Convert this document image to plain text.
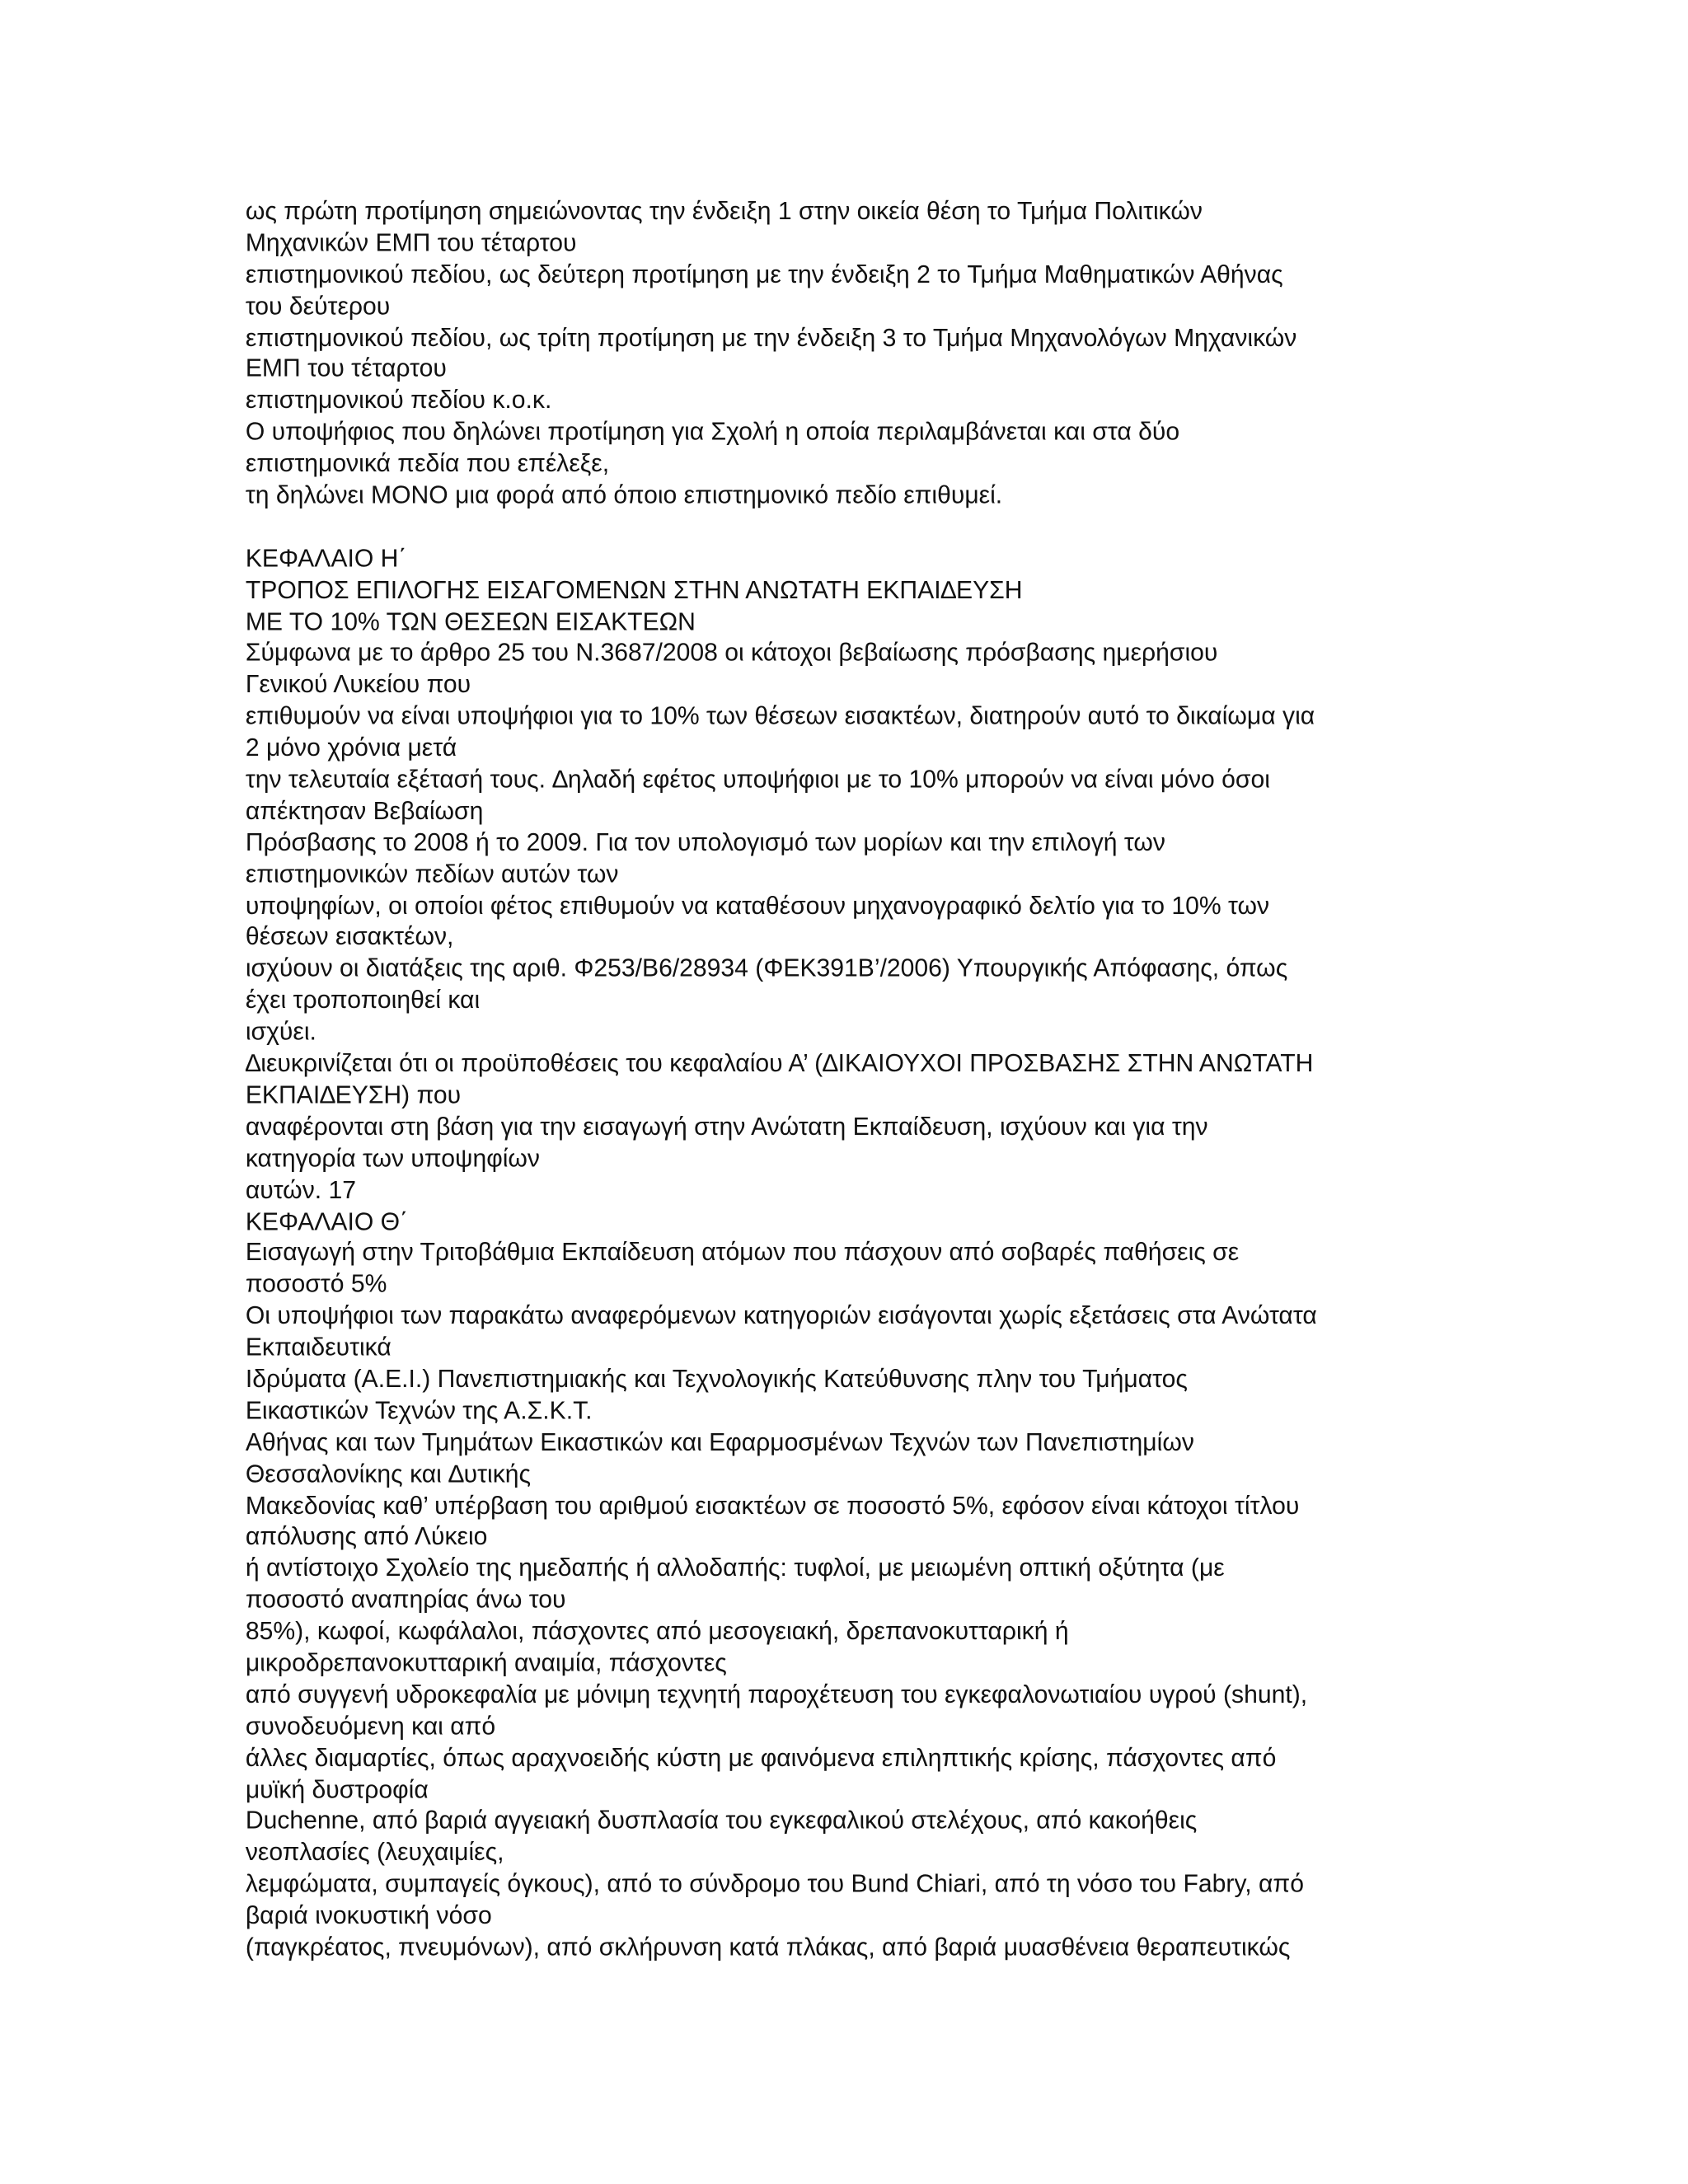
ως πρώτη προτίμηση σημειώνοντας την ένδειξη 1 στην οικεία θέση το Τμήμα Πολιτικών
Μηχανικών ΕΜΠ του τέταρτου
επιστημονικού πεδίου, ως δεύτερη προτίμηση με την ένδειξη 2 το Τμήμα Μαθηματικών Αθήνας
του δεύτερου
επιστημονικού πεδίου, ως τρίτη προτίμηση με την ένδειξη 3 το Τμήμα Μηχανολόγων Μηχανικών
ΕΜΠ του τέταρτου
επιστημονικού πεδίου κ.ο.κ.
Ο υποψήφιος που δηλώνει προτίμηση για Σχολή η οποία περιλαμβάνεται και στα δύο
επιστημονικά πεδία που επέλεξε,
τη δηλώνει ΜΟΝΟ μια φορά από όποιο επιστημονικό πεδίο επιθυμεί.
ΚΕΦΑΛΑΙΟ Η΄
ΤΡΟΠΟΣ ΕΠΙΛΟΓΗΣ ΕΙΣΑΓΟΜΕΝΩΝ ΣΤΗΝ ΑΝΩΤΑΤΗ ΕΚΠΑΙ∆ΕΥΣΗ
ΜΕ ΤΟ 10% ΤΩΝ ΘΕΣΕΩΝ ΕΙΣΑΚΤΕΩΝ
Σύμφωνα με το άρθρο 25 του Ν.3687/2008 οι κάτοχοι βεβαίωσης πρόσβασης ημερήσιου
Γενικού Λυκείου που
επιθυμούν να είναι υποψήφιοι για το 10% των θέσεων εισακτέων, διατηρούν αυτό το δικαίωμα για
2 μόνο χρόνια μετά
την τελευταία εξέτασή τους. ∆ηλαδή εφέτος υποψήφιοι με το 10% μπορούν να είναι μόνο όσοι
απέκτησαν Βεβαίωση
Πρόσβασης το 2008 ή το 2009. Για τον υπολογισμό των μορίων και την επιλογή των
επιστημονικών πεδίων αυτών των
υποψηφίων, οι οποίοι φέτος επιθυμούν να καταθέσουν μηχανογραφικό δελτίο για το 10% των
θέσεων εισακτέων,
ισχύουν οι διατάξεις της αριθ. Φ253/Β6/28934 (ΦΕΚ391Β’/2006) Υπουργικής Απόφασης, όπως
έχει τροποποιηθεί και
ισχύει.
∆ιευκρινίζεται ότι οι προϋποθέσεις του κεφαλαίου Α’ (∆ΙΚΑΙΟΥΧΟΙ ΠΡΟΣΒΑΣΗΣ ΣΤΗΝ ΑΝΩΤΑΤΗ
ΕΚΠΑΙ∆ΕΥΣΗ) που
αναφέρονται στη βάση για την εισαγωγή στην Ανώτατη Εκπαίδευση, ισχύουν και για την
κατηγορία των υποψηφίων
αυτών. 17
ΚΕΦΑΛΑΙΟ Θ΄
Εισαγωγή στην Τριτοβάθμια Εκπαίδευση ατόμων που πάσχουν από σοβαρές παθήσεις σε
ποσοστό 5%
Οι υποψήφιοι των παρακάτω αναφερόμενων κατηγοριών εισάγονται χωρίς εξετάσεις στα Ανώτατα
Εκπαιδευτικά
Ιδρύματα (Α.Ε.Ι.) Πανεπιστημιακής και Τεχνολογικής Κατεύθυνσης πλην του Τμήματος
Εικαστικών Τεχνών της Α.Σ.Κ.Τ.
Αθήνας και των Τμημάτων Εικαστικών και Εφαρμοσμένων Τεχνών των Πανεπιστημίων
Θεσσαλονίκης και ∆υτικής
Μακεδονίας καθ’ υπέρβαση του αριθμού εισακτέων σε ποσοστό 5%, εφόσον είναι κάτοχοι τίτλου
απόλυσης από Λύκειο
ή αντίστοιχο Σχολείο της ημεδαπής ή αλλοδαπής: τυφλοί, με μειωμένη οπτική οξύτητα (με
ποσοστό αναπηρίας άνω του
85%), κωφοί, κωφάλαλοι, πάσχοντες από μεσογειακή, δρεπανοκυτταρική ή
μικροδρεπανοκυτταρική αναιμία, πάσχοντες
από συγγενή υδροκεφαλία με μόνιμη τεχνητή παροχέτευση του εγκεφαλονωτιαίου υγρού (shunt),
συνοδευόμενη και από
άλλες διαμαρτίες, όπως αραχνοειδής κύστη με φαινόμενα επιληπτικής κρίσης, πάσχοντες από
μυϊκή δυστροφία
Duchenne, από βαριά αγγειακή δυσπλασία του εγκεφαλικού στελέχους, από κακοήθεις
νεοπλασίες (λευχαιμίες,
λεμφώματα, συμπαγείς όγκους), από το σύνδρομο του Bund Chiari, από τη νόσο του Fabry, από
βαριά ινοκυστική νόσο
(παγκρέατος, πνευμόνων), από σκλήρυνση κατά πλάκας, από βαριά μυασθένεια θεραπευτικώς
